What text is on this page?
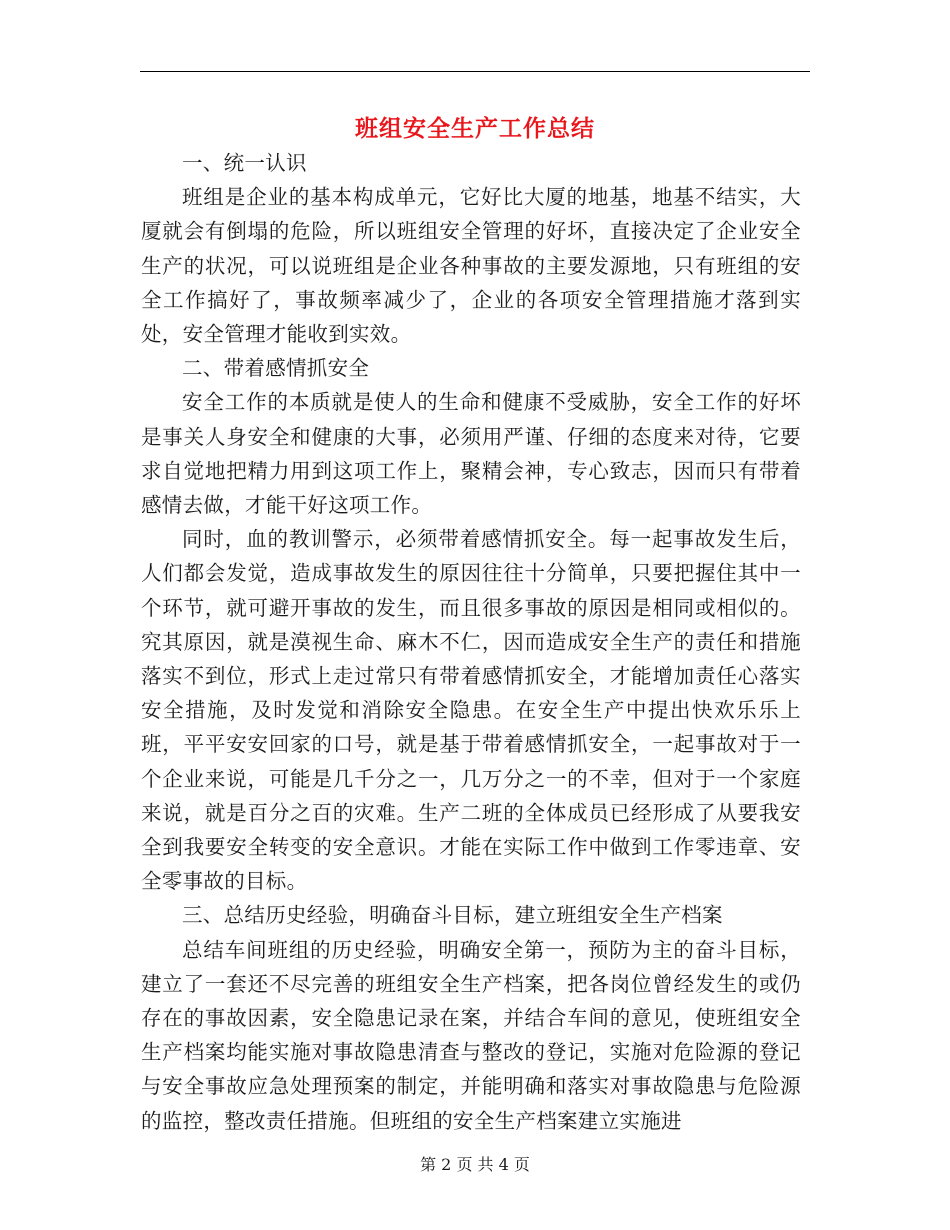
班组安全生产工作总结

一、统一认识

班组是企业的基本构成单元，它好比大厦的地基，地基不结实，大厦就会有倒塌的危险，所以班组安全管理的好坏，直接决定了企业安全生产的状况，可以说班组是企业各种事故的主要发源地，只有班组的安全工作搞好了，事故频率减少了，企业的各项安全管理措施才落到实处，安全管理才能收到实效。

二、带着感情抓安全

安全工作的本质就是使人的生命和健康不受威胁，安全工作的好坏是事关人身安全和健康的大事，必须用严谨、仔细的态度来对待，它要求自觉地把精力用到这项工作上，聚精会神，专心致志，因而只有带着感情去做，才能干好这项工作。

同时，血的教训警示，必须带着感情抓安全。每一起事故发生后，人们都会发觉，造成事故发生的原因往往十分简单，只要把握住其中一个环节，就可避开事故的发生，而且很多事故的原因是相同或相似的。究其原因，就是漠视生命、麻木不仁，因而造成安全生产的责任和措施落实不到位，形式上走过常只有带着感情抓安全，才能增加责任心落实安全措施，及时发觉和消除安全隐患。在安全生产中提出快欢乐乐上班，平平安安回家的口号，就是基于带着感情抓安全，一起事故对于一个企业来说，可能是几千分之一，几万分之一的不幸，但对于一个家庭来说，就是百分之百的灾难。生产二班的全体成员已经形成了从要我安全到我要安全转变的安全意识。才能在实际工作中做到工作零违章、安全零事故的目标。

三、总结历史经验，明确奋斗目标，建立班组安全生产档案

总结车间班组的历史经验，明确安全第一，预防为主的奋斗目标，建立了一套还不尽完善的班组安全生产档案，把各岗位曾经发生的或仍存在的事故因素，安全隐患记录在案，并结合车间的意见，使班组安全生产档案均能实施对事故隐患清查与整改的登记，实施对危险源的登记与安全事故应急处理预案的制定，并能明确和落实对事故隐患与危险源的监控，整改责任措施。但班组的安全生产档案建立实施进

第 2 页 共 4 页
